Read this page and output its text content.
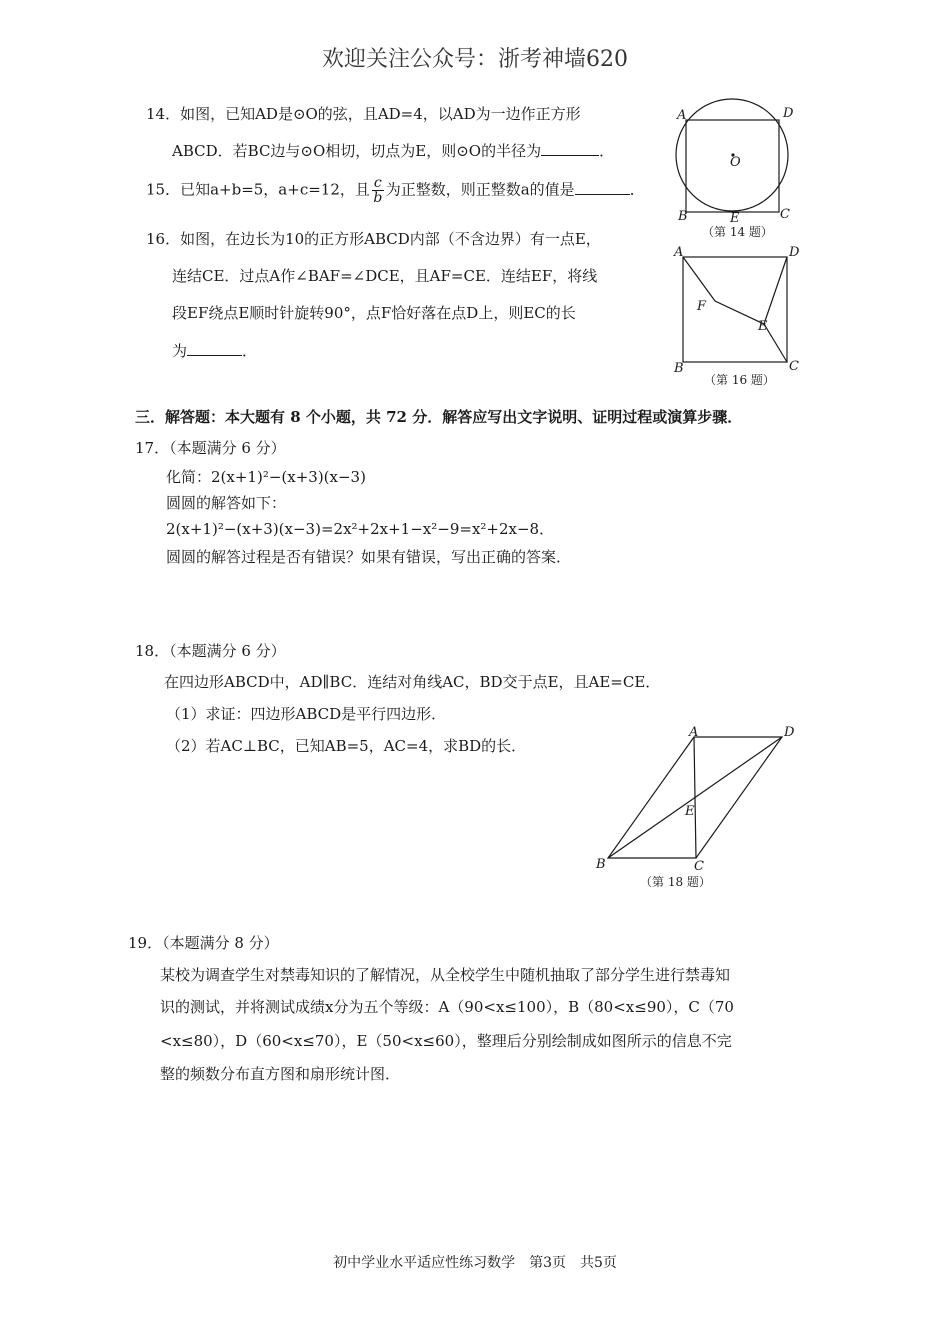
欢迎关注公众号：浙考神墙620
14．如图，已知AD是⊙O的弦，且AD=4，以AD为一边作正方形
ABCD．若BC边与⊙O相切，切点为E，则⊙O的半径为	．
15．已知a+b=5，a+c=12，且 $\frac{c}{b}$ 为正整数，则正整数a的值是	．
16．如图，在边长为10的正方形ABCD内部（不含边界）有一点E，
连结CE．过点A作∠BAF=∠DCE，且AF=CE．连结EF，将线
段EF绕点E顺时针旋转90°，点F恰好落在点D上，则EC的长
为	．
A	D
B	C
E
O
（第 14 题）
A	D
B	C
E
F
（第 16 题）
三．解答题：本大题有 8 个小题，共 72 分．解答应写出文字说明、证明过程或演算步骤．
17．（本题满分 6 分）
化简：2(x+1)²−(x+3)(x−3)
圆圆的解答如下：
2(x+1)²−(x+3)(x−3)=2x²+2x+1−x²−9=x²+2x−8．
圆圆的解答过程是否有错误？如果有错误，写出正确的答案．
18．（本题满分 6 分）
在四边形ABCD中，AD∥BC．连结对角线AC，BD交于点E，且AE=CE．
（1）求证：四边形ABCD是平行四边形．
（2）若AC⊥BC，已知AB=5，AC=4，求BD的长．
A	D
B	C
E
（第 18 题）
19．（本题满分 8 分）
某校为调查学生对禁毒知识的了解情况，从全校学生中随机抽取了部分学生进行禁毒知
识的测试，并将测试成绩x分为五个等级：A（90<x≤100），B（80<x≤90），C（70
<x≤80），D（60<x≤70），E（50<x≤60），整理后分别绘制成如图所示的信息不完
整的频数分布直方图和扇形统计图．
初中学业水平适应性练习数学　第3页　共5页
